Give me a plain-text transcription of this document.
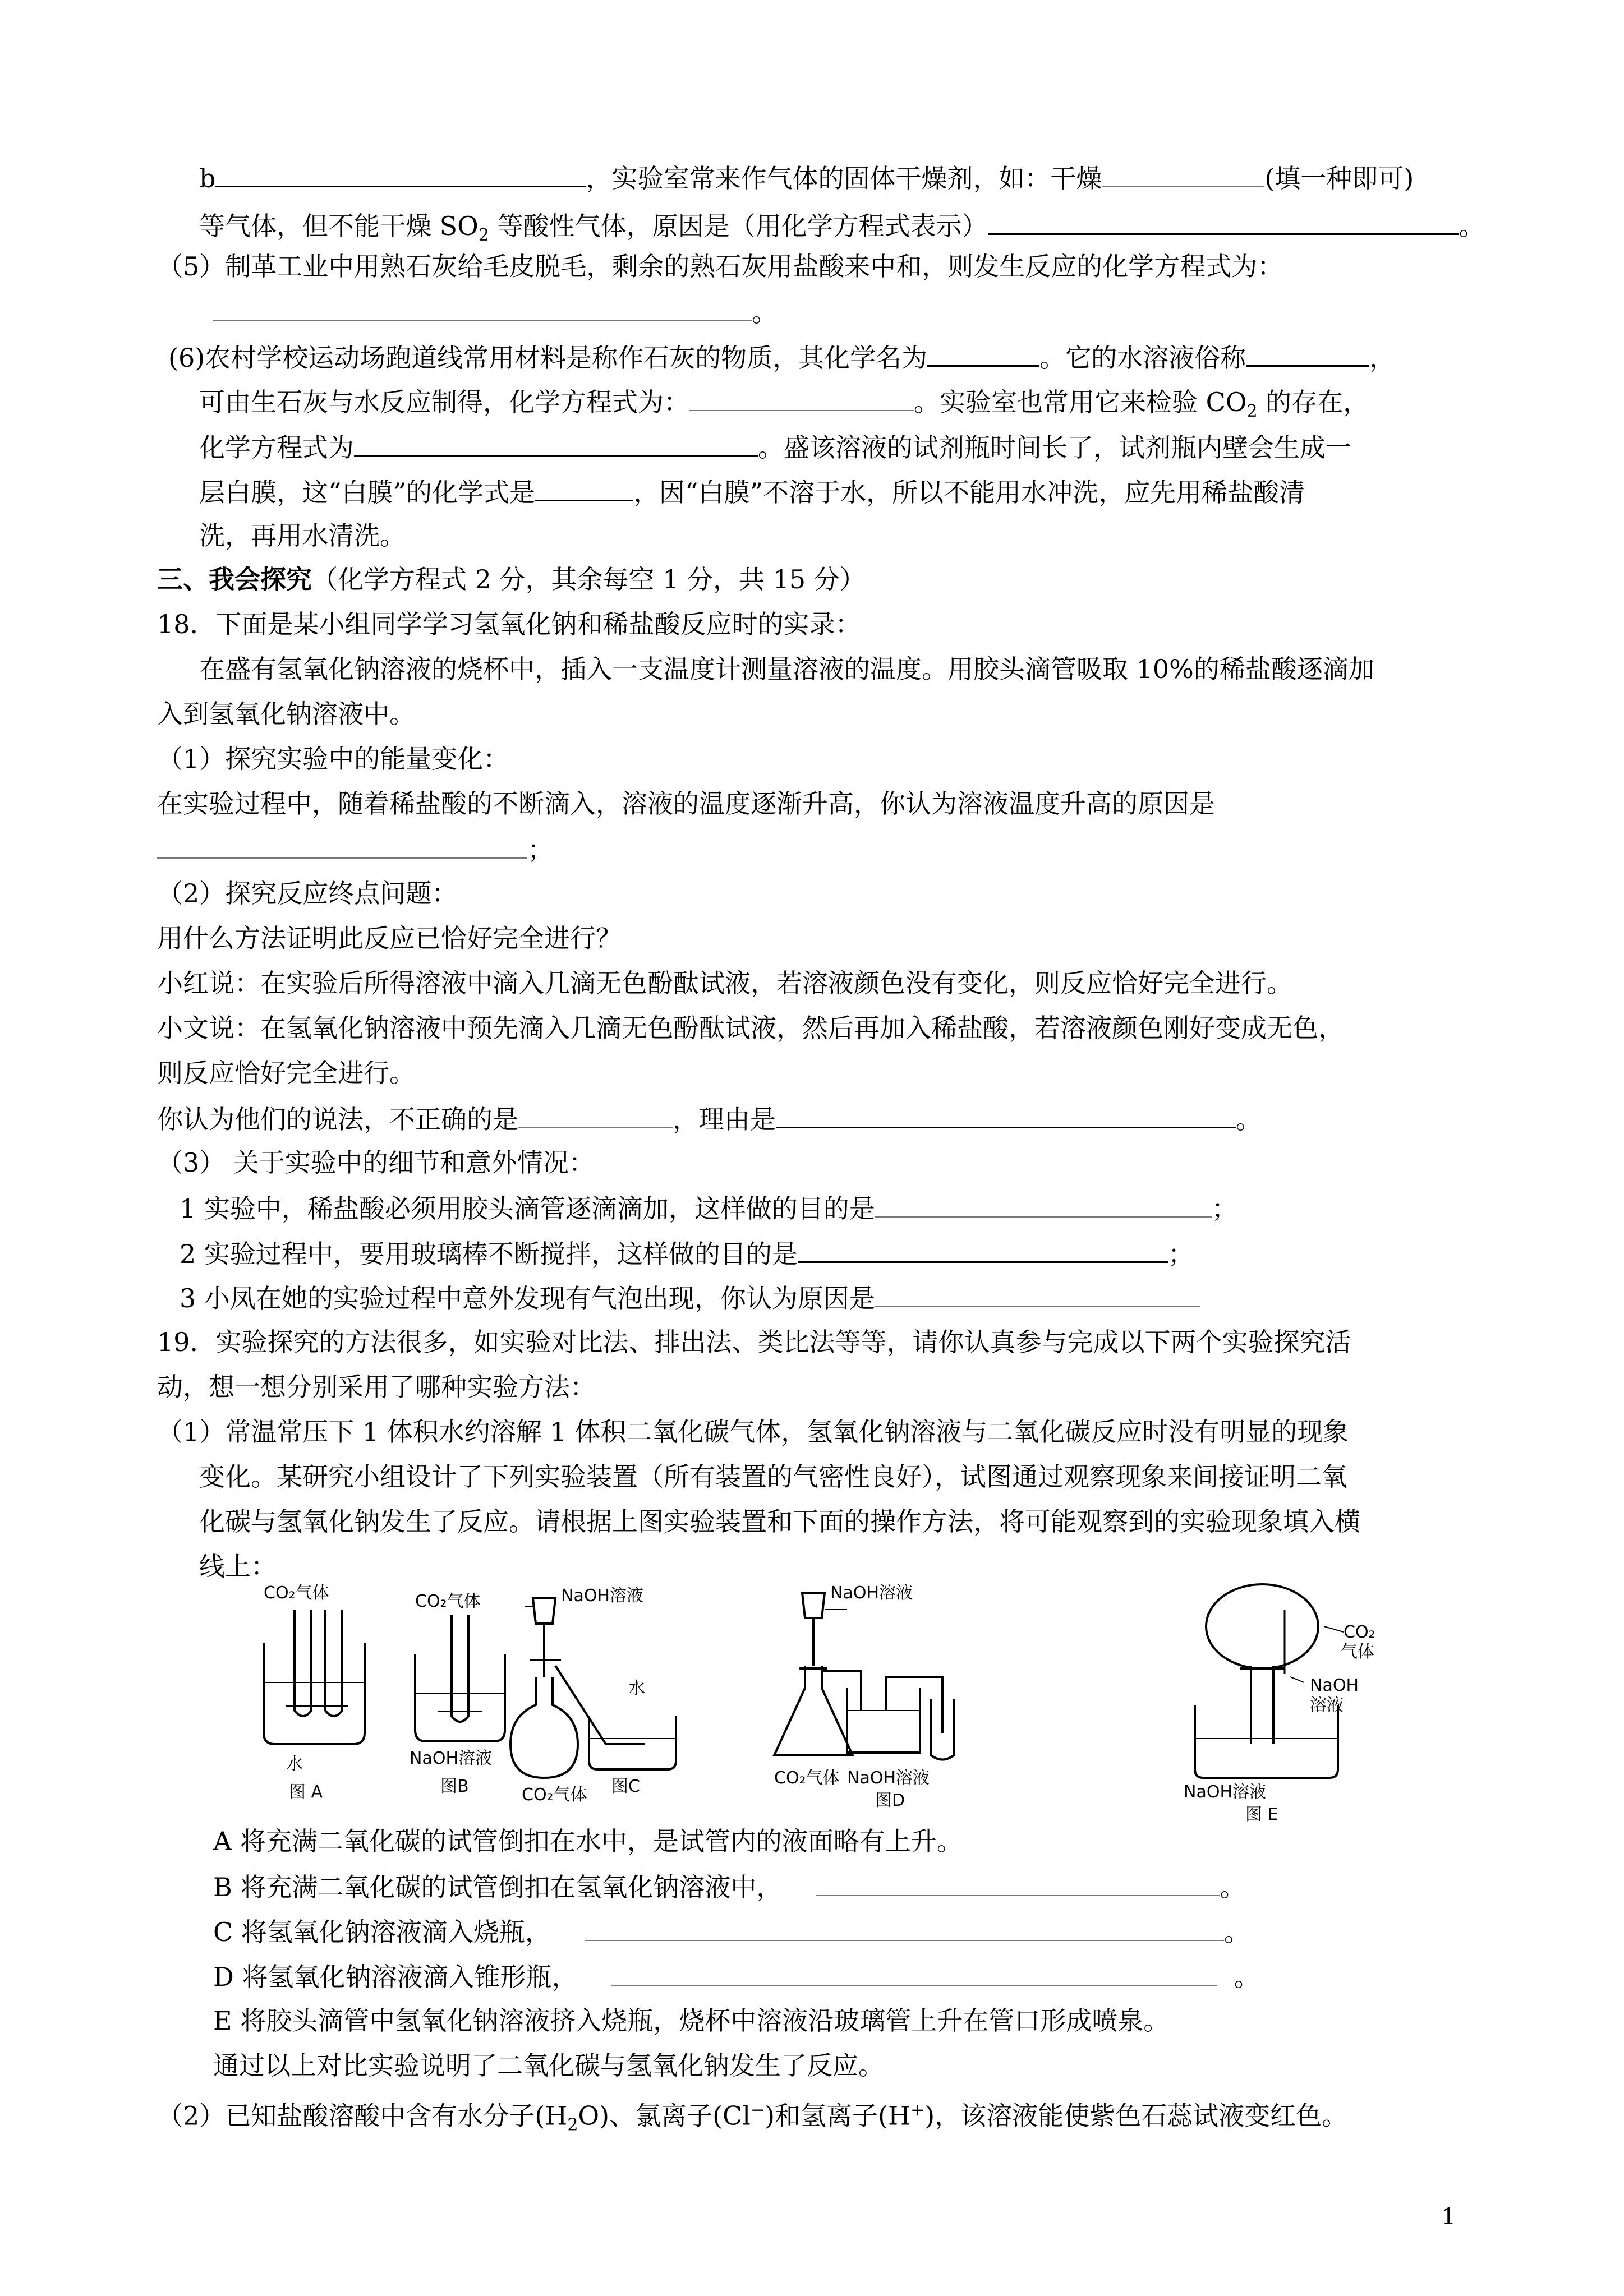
b	，实验室常来作气体的固体干燥剂，如：干燥	(填一种即可)
等气体，但不能干燥 $SO_2$ 等酸性气体，原因是（用化学方程式表示）	。
（5）制革工业中用熟石灰给毛皮脱毛，剩余的熟石灰用盐酸来中和，则发生反应的化学方程式为：
。
(6)农村学校运动场跑道线常用材料是称作石灰的物质，其化学名为	。它的水溶液俗称	，
可由生石灰与水反应制得，化学方程式为：	。实验室也常用它来检验 $CO_2$ 的存在，
化学方程式为	。盛该溶液的试剂瓶时间长了，试剂瓶内壁会生成一
层白膜，这“白膜”的化学式是	，因“白膜”不溶于水，所以不能用水冲洗，应先用稀盐酸清
洗，再用水清洗。
三、我会探究（化学方程式 2 分，其余每空 1 分，共 15 分）
18．下面是某小组同学学习氢氧化钠和稀盐酸反应时的实录：
在盛有氢氧化钠溶液的烧杯中，插入一支温度计测量溶液的温度。用胶头滴管吸取 10%的稀盐酸逐滴加
入到氢氧化钠溶液中。
（1）探究实验中的能量变化：
在实验过程中，随着稀盐酸的不断滴入，溶液的温度逐渐升高，你认为溶液温度升高的原因是
；
（2）探究反应终点问题：
用什么方法证明此反应已恰好完全进行？
小红说：在实验后所得溶液中滴入几滴无色酚酞试液，若溶液颜色没有变化，则反应恰好完全进行。
小文说：在氢氧化钠溶液中预先滴入几滴无色酚酞试液，然后再加入稀盐酸，若溶液颜色刚好变成无色，
则反应恰好完全进行。
你认为他们的说法，不正确的是	，理由是	。
（3） 关于实验中的细节和意外情况：
1 实验中，稀盐酸必须用胶头滴管逐滴滴加，这样做的目的是	；
2 实验过程中，要用玻璃棒不断搅拌，这样做的目的是	；
3 小凤在她的实验过程中意外发现有气泡出现，你认为原因是
19．实验探究的方法很多，如实验对比法、排出法、类比法等等，请你认真参与完成以下两个实验探究活
动，想一想分别采用了哪种实验方法：
（1）常温常压下 1 体积水约溶解 1 体积二氧化碳气体，氢氧化钠溶液与二氧化碳反应时没有明显的现象
变化。某研究小组设计了下列实验装置（所有装置的气密性良好），试图通过观察现象来间接证明二氧
化碳与氢氧化钠发生了反应。请根据上图实验装置和下面的操作方法，将可能观察到的实验现象填入横
线上：
CO₂气体
水
图 A
CO₂气体
NaOH溶液
图B
NaOH溶液
水
CO₂气体 图C
NaOH溶液
CO₂气体 NaOH溶液
图D
CO₂
气体
NaOH
溶液
NaOH溶液
图 E
A 将充满二氧化碳的试管倒扣在水中，是试管内的液面略有上升。
B 将充满二氧化碳的试管倒扣在氢氧化钠溶液中，	。
C 将氢氧化钠溶液滴入烧瓶，	。
D 将氢氧化钠溶液滴入锥形瓶，	。
E 将胶头滴管中氢氧化钠溶液挤入烧瓶，烧杯中溶液沿玻璃管上升在管口形成喷泉。
通过以上对比实验说明了二氧化碳与氢氧化钠发生了反应。
（2）已知盐酸溶酸中含有水分子$(H_2O)$、氯离子(Cl−)和氢离子(H+)，该溶液能使紫色石蕊试液变红色。
1
